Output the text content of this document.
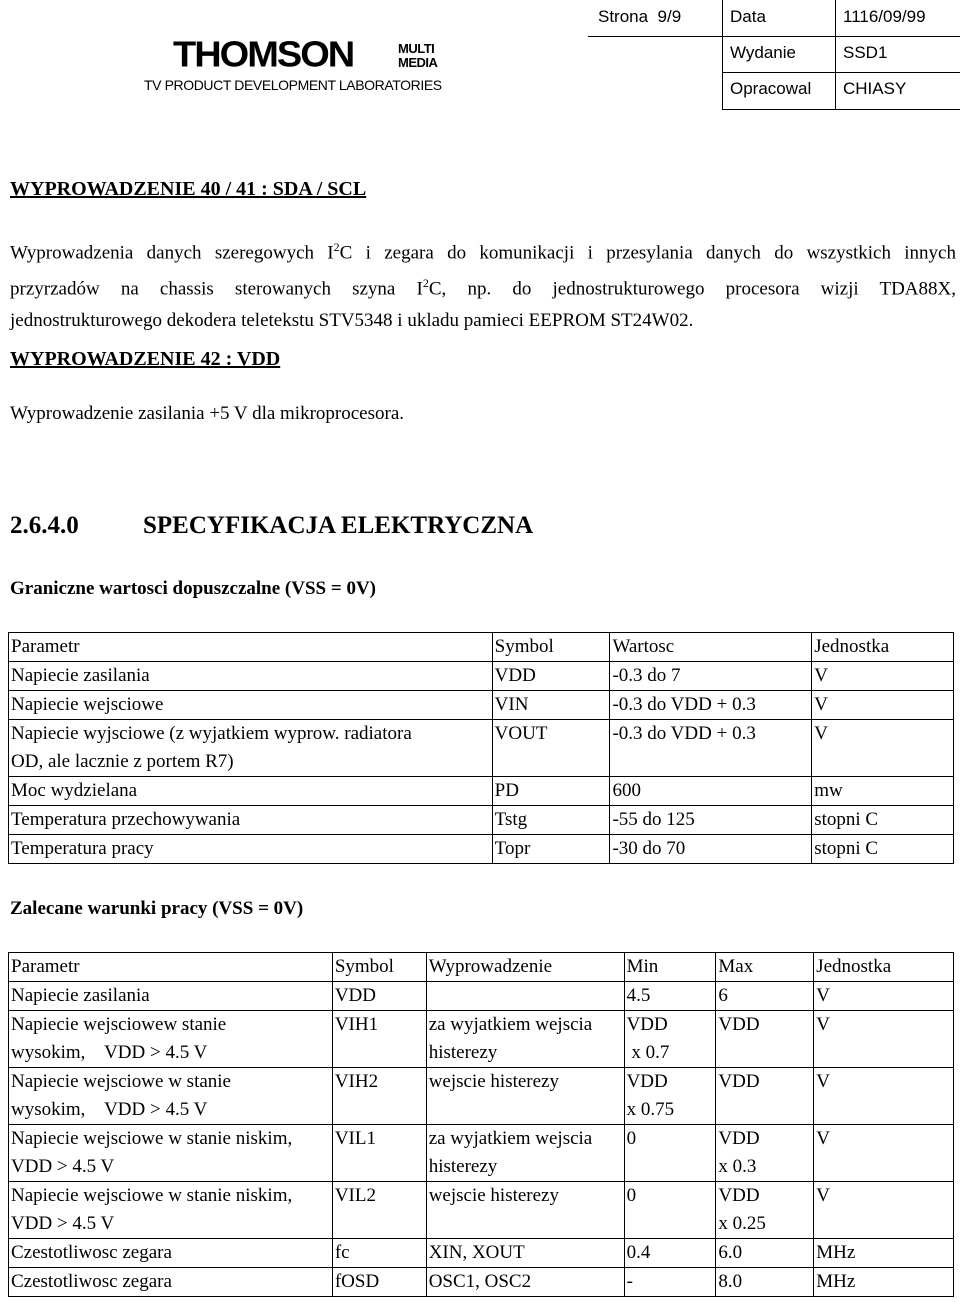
THOMSON	MULTI
MEDIA
TV PRODUCT DEVELOPMENT LABORATORIES
Strona 9/9	Data	1116/09/99
Wydanie	SSD1
Opracowal	CHIASY
WYPROWADZENIE 40 / 41 : SDA / SCL
Wyprowadzenia danych szeregowych $I^2C$ i zegara do komunikacji i przesylania danych do wszystkich innych
przyrzadów na chassis sterowanych szyna $I^2C$, np. do jednostrukturowego procesora wizji TDA88X,
jednostrukturowego dekodera teletekstu STV5348 i ukladu pamieci EEPROM ST24W02.
WYPROWADZENIE 42 : VDD
Wyprowadzenie zasilania +5 V dla mikroprocesora.
2.6.4.0	SPECYFIKACJA ELEKTRYCZNA
Graniczne wartosci dopuszczalne (VSS = 0V)
Parametr	Symbol	Wartosc	Jednostka

Napiecie zasilania	VDD	-0.3 do 7	V

Napiecie wejsciowe	VIN	-0.3 do VDD + 0.3	V

Napiecie wyjsciowe (z wyjatkiem wyprow. radiatora
OD, ale lacznie z portem R7)	VOUT	-0.3 do VDD + 0.3	V

Moc wydzielana	PD	600	mw

Temperatura przechowywania	Tstg	-55 do 125	stopni C

Temperatura pracy	Topr	-30 do 70	stopni C
Zalecane warunki pracy (VSS = 0V)
Parametr	Symbol	Wyprowadzenie	Min	Max	Jednostka

Napiecie zasilania	VDD		4.5	6	V

Napiecie wejsciowew stanie
wysokim,    VDD > 4.5 V	VIH1	za wyjatkiem wejscia
histerezy	VDD
x 0.7	VDD	V

Napiecie wejsciowe w stanie
wysokim,    VDD > 4.5 V	VIH2	wejscie histerezy	VDD
x 0.75	VDD	V

Napiecie wejsciowe w stanie niskim,
VDD > 4.5 V	VIL1	za wyjatkiem wejscia
histerezy	0	VDD
x 0.3	V

Napiecie wejsciowe w stanie niskim,
VDD > 4.5 V	VIL2	wejscie histerezy	0	VDD
x 0.25	V

Czestotliwosc zegara	fc	XIN, XOUT	0.4	6.0	MHz

Czestotliwosc zegara	fOSD	OSC1, OSC2	-	8.0	MHz
